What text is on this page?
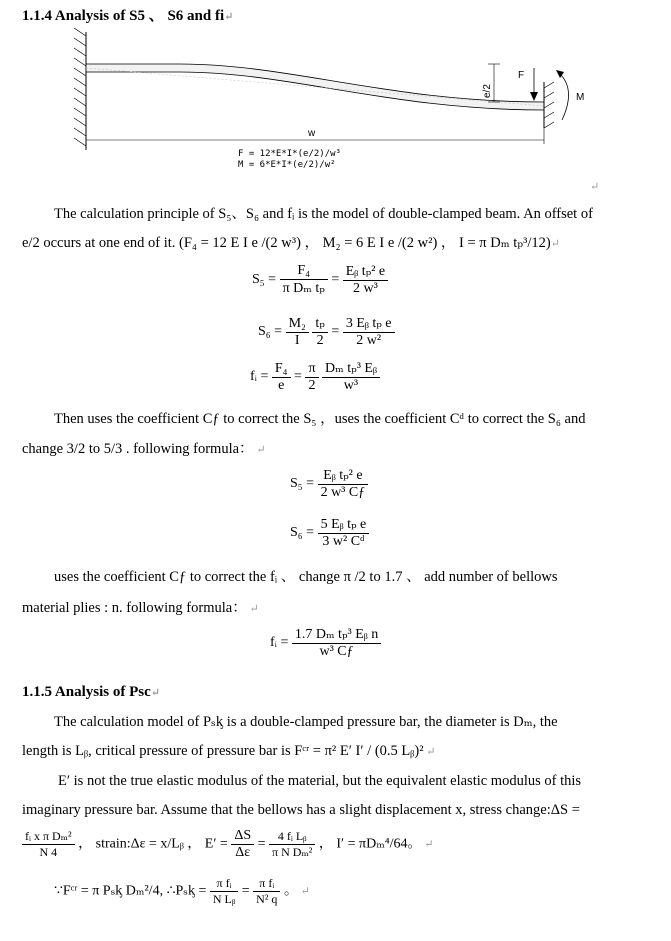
1.1.4 Analysis of S5 、 S6 and fi↵
e/2
F
M
w
F = 12*E*I*(e/2)/w³
M = 6*E*I*(e/2)/w²
↵
The calculation principle of S₅、S₆ and fᵢ is the model of double-clamped beam. An offset of
e/2 occurs at one end of it. (F₄ = 12 E I e /(2 w³) ， M₂ = 6 E I e /(2 w²) ， I = π Dₘ tₚ³/12)↵
$S_5 = \frac{\text{F₄}}{\text{π Dₘ tₚ}} = \frac{\text{Eᵦ tₚ² e}}{\text{2 w³}}$
$S_6 = \frac{\text{M₂}}{I}$
$\frac{\text{tₚ}}{2} = \frac{\text{3 Eᵦ tₚ e}}{\text{2 w²}}$
fᵢ = $\frac{\text{F₄}}{e} = \frac{\pi}{2}$
$\frac{\text{Dₘ tₚ³ Eᵦ}}{\text{w³}}$
Then uses the coefficient Cƒ to correct the S₅ ，uses the coefficient Cᵈ to correct the S₆ and
change 3/2 to 5/3 . following formula： ↵
$S_5 = \frac{\text{Eᵦ tₚ² e}}{\text{2 w³ Cƒ}}$
$S_6 = \frac{\text{5 Eᵦ tₚ e}}{\text{3 w² Cᵈ}}$
uses the coefficient Cƒ to correct the fᵢ 、 change π /2 to 1.7 、 add number of bellows
material plies : n. following formula： ↵
fᵢ = $\frac{\text{1.7 Dₘ tₚ³ Eᵦ n}}{\text{w³ Cƒ}}$
1.1.5 Analysis of Psc↵
The calculation model of Pₛᶄ is a double-clamped pressure bar, the diameter is Dₘ, the
length is Lᵦ, critical pressure of pressure bar is Fᶜʳ = π² E′ I′ / (0.5 Lᵦ)² ↵
E′ is not the true elastic modulus of the material, but the equivalent elastic modulus of this
imaginary pressure bar. Assume that the bellows has a slight displacement x, stress change:ΔS =
$\frac{\text{fᵢ x π Dₘ²}}{N 4}$ ， strain:Δε = x/Lᵦ ， $E' = \frac{\Delta S}{\Delta\varepsilon} = \frac{\text{4 fᵢ Lᵦ}}{\text{π N Dₘ²}}$ ， I′ = πDₘ⁴/64。 ↵
∵Fᶜʳ = π Pₛᶄ Dₘ²/4, ∴Pₛᶄ = $\frac{\text{π fᵢ}}{\text{N Lᵦ}} = \frac{\text{π fᵢ}}{\text{N² q}}$ 。 ↵
